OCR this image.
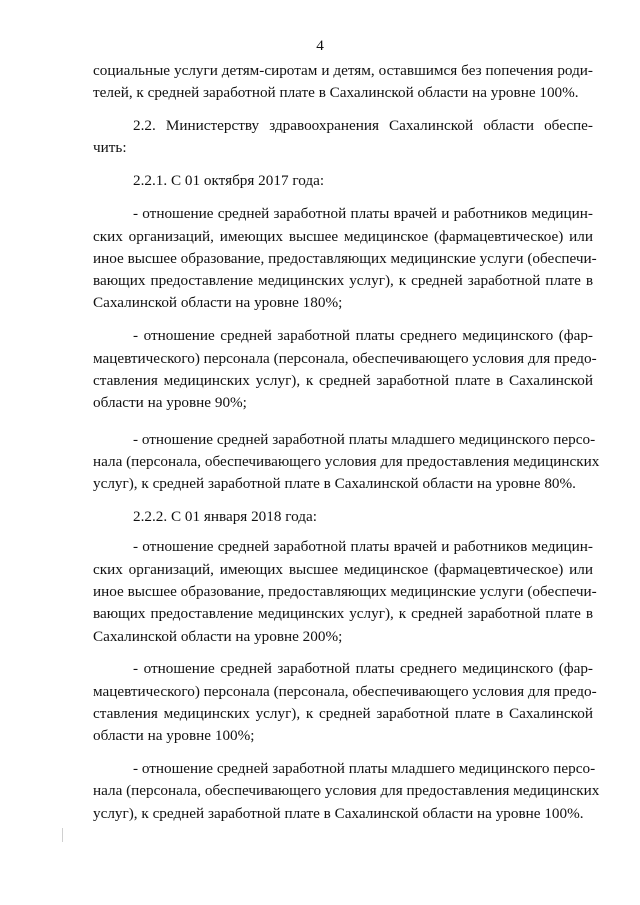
4
социальные услуги детям-сиротам и детям, оставшимся без попечения роди-
телей, к средней заработной плате в Сахалинской области на уровне 100%.
2.2. Министерству здравоохранения Сахалинской области обеспе-
чить:
2.2.1. С 01 октября 2017 года:
- отношение средней заработной платы врачей и работников медицин-
ских организаций, имеющих высшее медицинское (фармацевтическое) или
иное высшее образование, предоставляющих медицинские услуги (обеспечи-
вающих предоставление медицинских услуг), к средней заработной плате в
Сахалинской области на уровне 180%;
- отношение средней заработной платы среднего медицинского (фар-
мацевтического) персонала (персонала, обеспечивающего условия для предо-
ставления медицинских услуг), к средней заработной плате в Сахалинской
области на уровне 90%;
- отношение средней заработной платы младшего медицинского персо-
нала (персонала, обеспечивающего условия для предоставления медицинских
услуг), к средней заработной плате в Сахалинской области на уровне 80%.
2.2.2. С 01 января 2018 года:
- отношение средней заработной платы врачей и работников медицин-
ских организаций, имеющих высшее медицинское (фармацевтическое) или
иное высшее образование, предоставляющих медицинские услуги (обеспечи-
вающих предоставление медицинских услуг), к средней заработной плате в
Сахалинской области на уровне 200%;
- отношение средней заработной платы среднего медицинского (фар-
мацевтического) персонала (персонала, обеспечивающего условия для предо-
ставления медицинских услуг), к средней заработной плате в Сахалинской
области на уровне 100%;
- отношение средней заработной платы младшего медицинского персо-
нала (персонала, обеспечивающего условия для предоставления медицинских
услуг), к средней заработной плате в Сахалинской области на уровне 100%.
